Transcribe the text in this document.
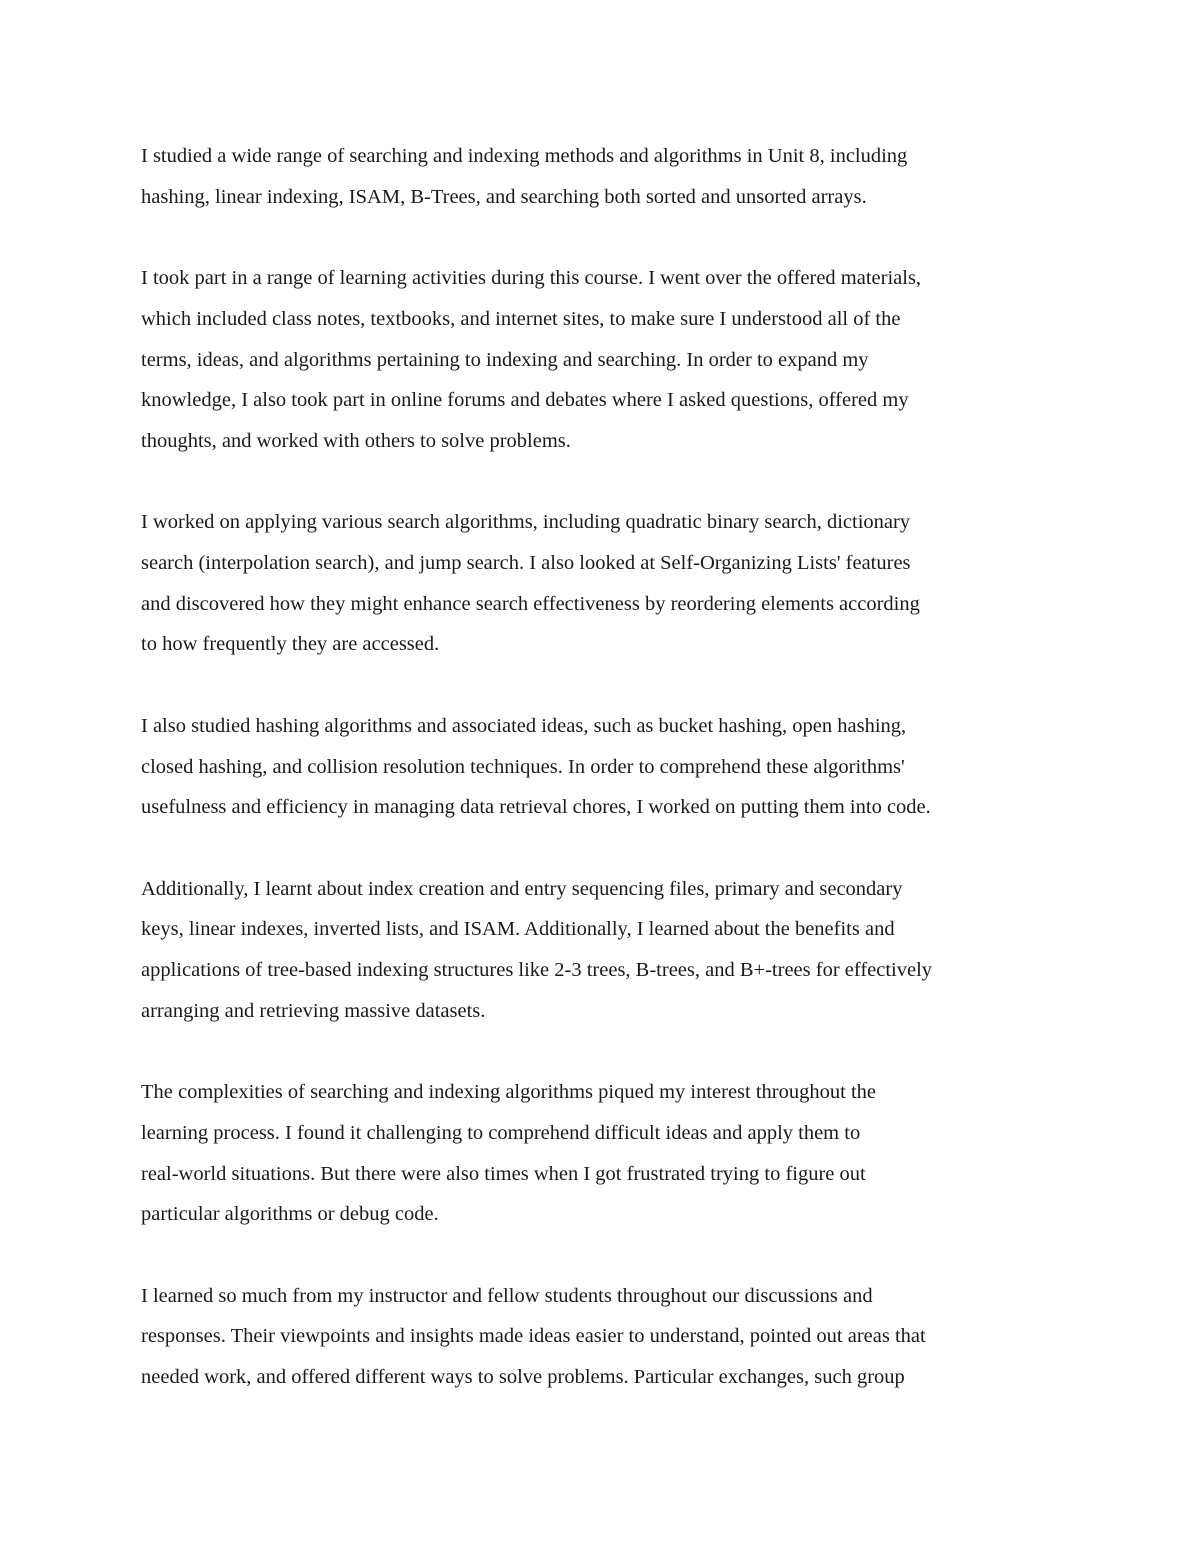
I studied a wide range of searching and indexing methods and algorithms in Unit 8, including
hashing, linear indexing, ISAM, B-Trees, and searching both sorted and unsorted arrays.

I took part in a range of learning activities during this course. I went over the offered materials,
which included class notes, textbooks, and internet sites, to make sure I understood all of the
terms, ideas, and algorithms pertaining to indexing and searching. In order to expand my
knowledge, I also took part in online forums and debates where I asked questions, offered my
thoughts, and worked with others to solve problems.

I worked on applying various search algorithms, including quadratic binary search, dictionary
search (interpolation search), and jump search. I also looked at Self-Organizing Lists' features
and discovered how they might enhance search effectiveness by reordering elements according
to how frequently they are accessed.

I also studied hashing algorithms and associated ideas, such as bucket hashing, open hashing,
closed hashing, and collision resolution techniques. In order to comprehend these algorithms'
usefulness and efficiency in managing data retrieval chores, I worked on putting them into code.

Additionally, I learnt about index creation and entry sequencing files, primary and secondary
keys, linear indexes, inverted lists, and ISAM. Additionally, I learned about the benefits and
applications of tree-based indexing structures like 2-3 trees, B-trees, and B+-trees for effectively
arranging and retrieving massive datasets.

The complexities of searching and indexing algorithms piqued my interest throughout the
learning process. I found it challenging to comprehend difficult ideas and apply them to
real-world situations. But there were also times when I got frustrated trying to figure out
particular algorithms or debug code.

I learned so much from my instructor and fellow students throughout our discussions and
responses. Their viewpoints and insights made ideas easier to understand, pointed out areas that
needed work, and offered different ways to solve problems. Particular exchanges, such group
